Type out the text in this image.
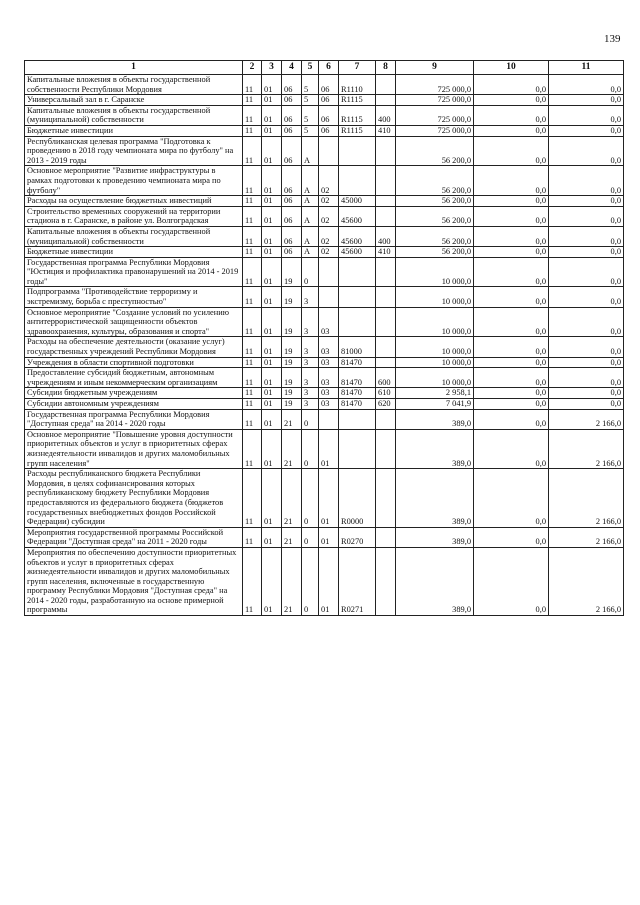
139
1	2	3	4	5	6	7	8	9	10	11
Капитальные вложения в объекты государственной собственности Республики Мордовия	11	01	06	5	06	R1110		725 000,0	0,0	0,0
Универсальный зал в г. Саранске	11	01	06	5	06	R1115		725 000,0	0,0	0,0
Капитальные вложения в объекты государственной (муниципальной) собственности	11	01	06	5	06	R1115	400	725 000,0	0,0	0,0
Бюджетные инвестиции	11	01	06	5	06	R1115	410	725 000,0	0,0	0,0
Республиканская целевая программа "Подготовка к проведению в 2018 году чемпионата мира по футболу" на 2013 - 2019 годы	11	01	06	А				56 200,0	0,0	0,0
Основное мероприятие "Развитие инфраструктуры в рамках подготовки к проведению чемпионата мира по футболу"	11	01	06	А	02			56 200,0	0,0	0,0
Расходы на осуществление бюджетных инвестиций	11	01	06	А	02	45000		56 200,0	0,0	0,0
Строительство временных сооружений на территории стадиона в г. Саранске, в районе ул. Волгоградская	11	01	06	А	02	45600		56 200,0	0,0	0,0
Капитальные вложения в объекты государственной (муниципальной) собственности	11	01	06	А	02	45600	400	56 200,0	0,0	0,0
Бюджетные инвестиции	11	01	06	А	02	45600	410	56 200,0	0,0	0,0
Государственная программа Республики Мордовия "Юстиция и профилактика правонарушений на 2014 - 2019 годы"	11	01	19	0				10 000,0	0,0	0,0
Подпрограмма "Противодействие терроризму и экстремизму, борьба с преступностью"	11	01	19	3				10 000,0	0,0	0,0
Основное мероприятие "Создание условий по усилению антитеррористической защищенности объектов здравоохранения, культуры, образования и спорта"	11	01	19	3	03			10 000,0	0,0	0,0
Расходы на обеспечение деятельности (оказание услуг) государственных учреждений Республики Мордовия	11	01	19	3	03	81000		10 000,0	0,0	0,0
Учреждения в области спортивной подготовки	11	01	19	3	03	81470		10 000,0	0,0	0,0
Предоставление субсидий бюджетным, автономным учреждениям и иным некоммерческим организациям	11	01	19	3	03	81470	600	10 000,0	0,0	0,0
Субсидии бюджетным учреждениям	11	01	19	3	03	81470	610	2 958,1	0,0	0,0
Субсидии автономным учреждениям	11	01	19	3	03	81470	620	7 041,9	0,0	0,0
Государственная программа Республики Мордовия "Доступная среда" на 2014 - 2020 годы	11	01	21	0				389,0	0,0	2 166,0
Основное мероприятие "Повышение уровня доступности приоритетных объектов и услуг в приоритетных сферах жизнедеятельности инвалидов и других маломобильных групп населения"	11	01	21	0	01			389,0	0,0	2 166,0
Расходы республиканского бюджета Республики Мордовия, в целях софинансирования которых республиканскому бюджету Республики Мордовия предоставляются из федерального бюджета (бюджетов государственных внебюджетных фондов Российской Федерации) субсидии	11	01	21	0	01	R0000		389,0	0,0	2 166,0
Мероприятия государственной программы Российской Федерации "Доступная среда" на 2011 - 2020 годы	11	01	21	0	01	R0270		389,0	0,0	2 166,0
Мероприятия по обеспечению доступности приоритетных объектов и услуг в приоритетных сферах жизнедеятельности инвалидов и других маломобильных групп населения, включенные в государственную программу Республики Мордовия "Доступная среда" на 2014 - 2020 годы, разработанную на основе примерной программы	11	01	21	0	01	R0271		389,0	0,0	2 166,0
